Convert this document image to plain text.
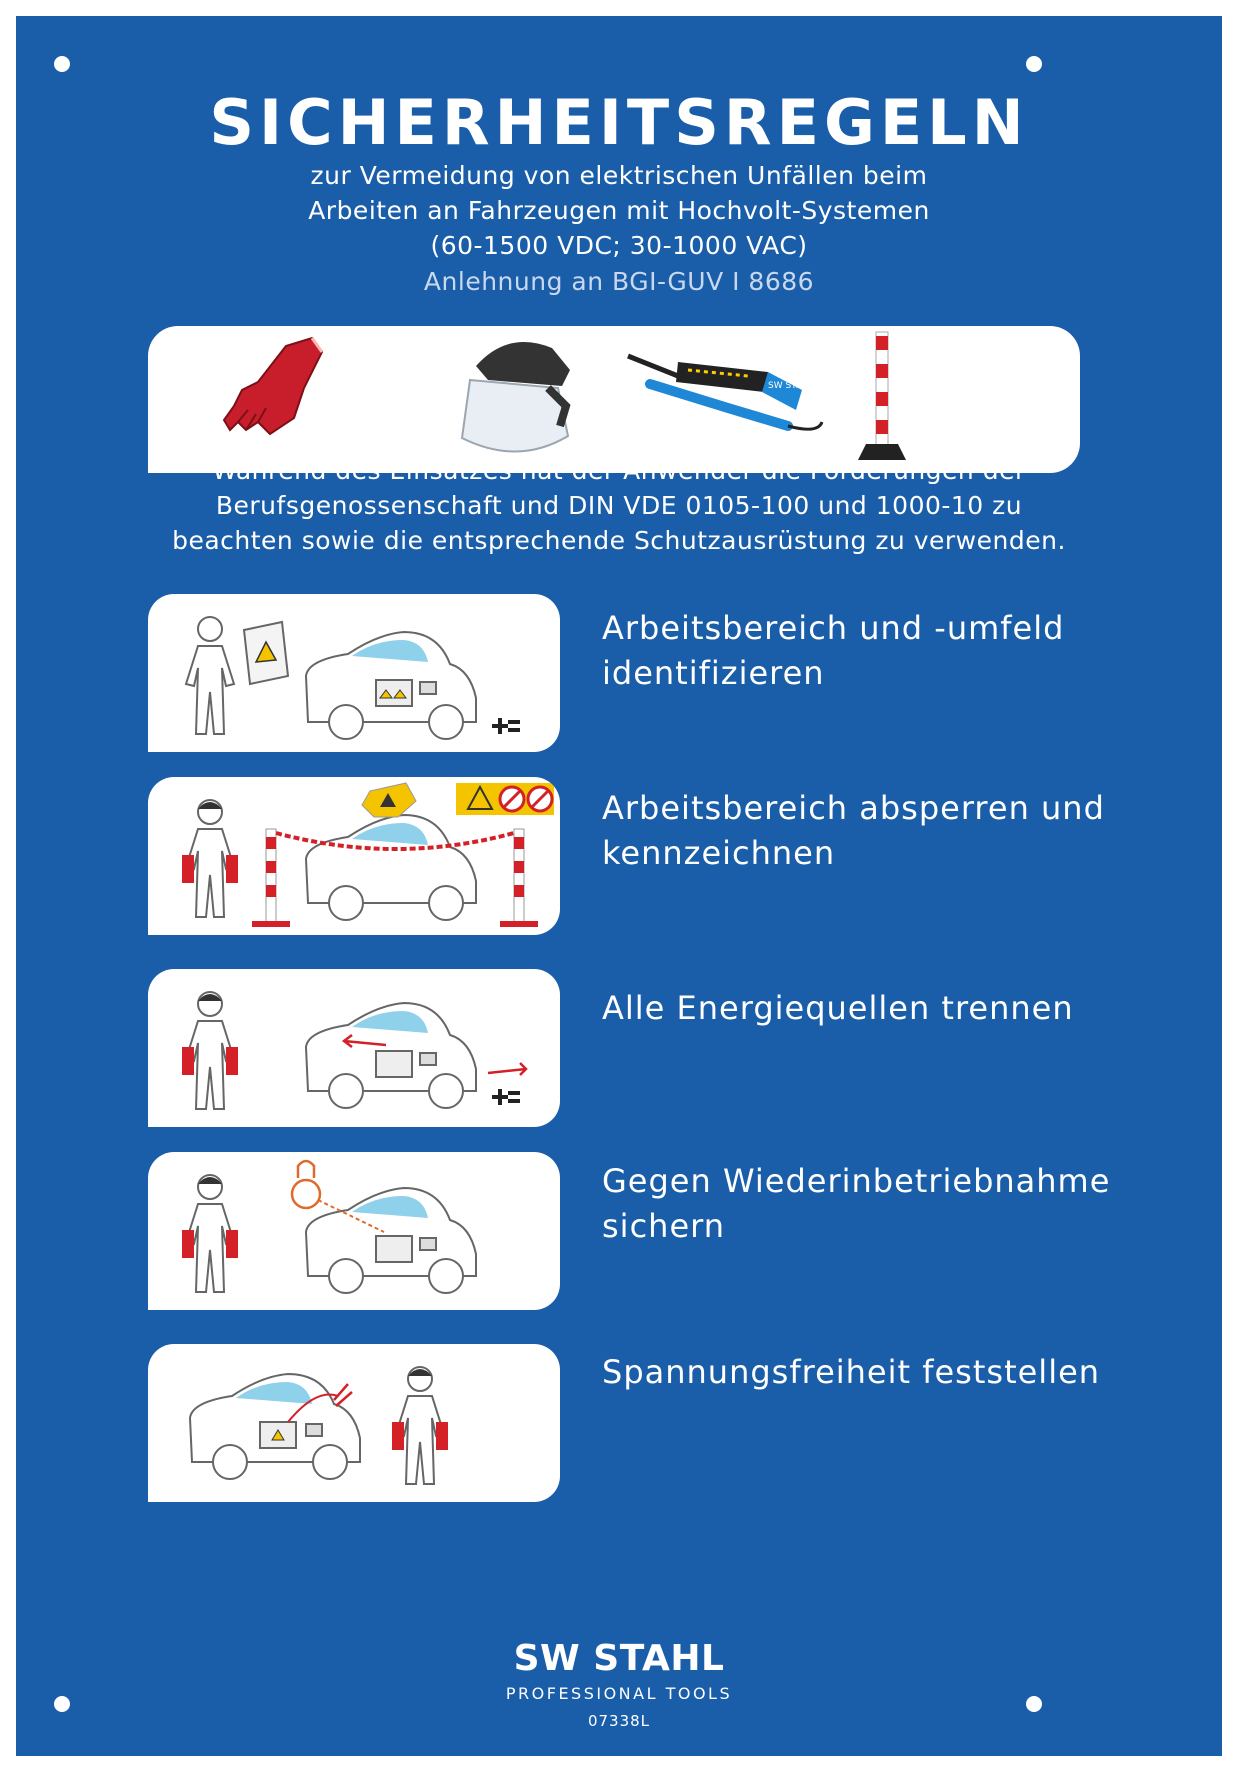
SICHERHEITSREGELN
zur Vermeidung von elektrischen Unfällen beim
Arbeiten an Fahrzeugen mit Hochvolt-Systemen
(60-1500 VDC; 30-1000 VAC)
Anlehnung an BGI-GUV I 8686
SW STAHL
Während des Einsatzes hat der Anwender die Forderungen der
Berufsgenossenschaft und DIN VDE 0105-100 und 1000-10 zu
beachten sowie die entsprechende Schutzausrüstung zu verwenden.
Arbeitsbereich und -umfeld
identifizieren
Arbeitsbereich absperren und
kennzeichnen
Alle Energiequellen trennen
Gegen Wiederinbetriebnahme
sichern
Spannungsfreiheit feststellen
SW STAHL
PROFESSIONAL TOOLS
07338L
